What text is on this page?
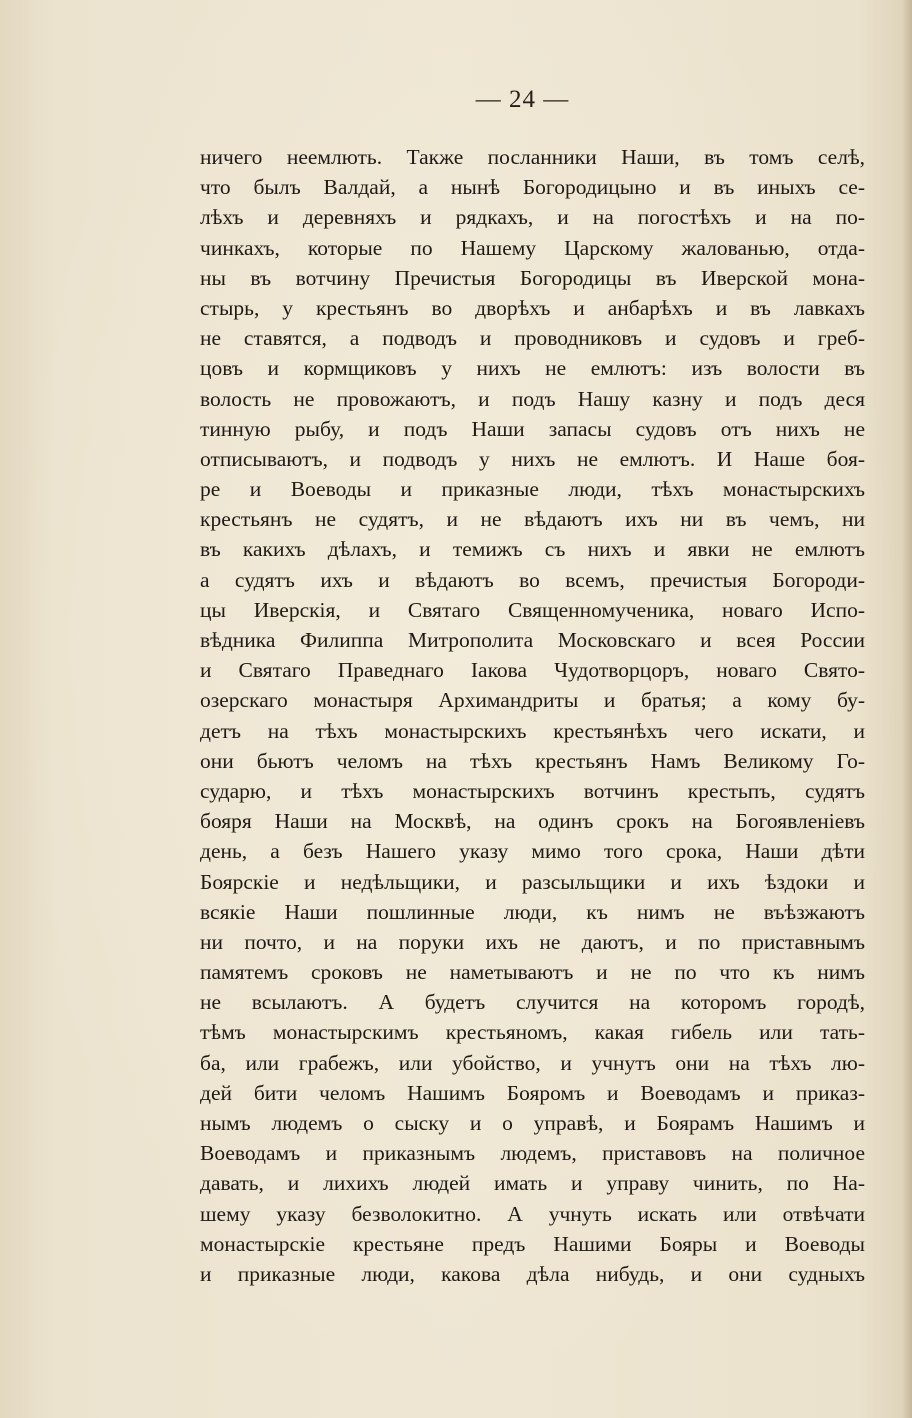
— 24 —
ничего неемлють. Также посланники Наши, въ томъ селѣ,
что былъ Валдай, а нынѣ Богородицыно и въ иныхъ се-
лѣхъ и деревняхъ и рядкахъ, и на погостѣхъ и на по-
чинкахъ, которые по Нашему Царскому жалованью, отда-
ны въ вотчину Пречистыя Богородицы въ Иверской мона-
стырь, у крестьянъ во дворѣхъ и анбарѣхъ и въ лавкахъ
не ставятся, а подводъ и проводниковъ и судовъ и греб-
цовъ и кормщиковъ у нихъ не емлютъ: изъ волости въ
волость не провожаютъ, и подъ Нашу казну и подъ деся
тинную рыбу, и подъ Наши запасы судовъ отъ нихъ не
отписываютъ, и подводъ у нихъ не емлютъ. И Наше боя-
ре и Воеводы и приказные люди, тѣхъ монастырскихъ
крестьянъ не судятъ, и не вѣдаютъ ихъ ни въ чемъ, ни
въ какихъ дѣлахъ, и темижъ съ нихъ и явки не емлютъ
а судятъ ихъ и вѣдаютъ во всемъ, пречистыя Богороди-
цы Иверскія, и Святаго Священномученика, новаго Испо-
вѣдника Филиппа Митрополита Московскаго и всея России
и Святаго Праведнаго Іакова Чудотворцоръ, новаго Свято-
озерскаго монастыря Архимандриты и братья; а кому бу-
детъ на тѣхъ монастырскихъ крестьянѣхъ чего искати, и
они бьютъ челомъ на тѣхъ крестьянъ Намъ Великому Го-
сударю, и тѣхъ монастырскихъ вотчинъ крестьпъ, судятъ
бояря Наши на Москвѣ, на одинъ срокъ на Богоявленіевъ
день, а безъ Нашего указу мимо того срока, Наши дѣти
Боярскіе и недѣльщики, и разсыльщики и ихъ ѣздоки и
всякіе Наши пошлинные люди, къ нимъ не въѣзжаютъ
ни почто, и на поруки ихъ не даютъ, и по приставнымъ
памятемъ сроковъ не наметываютъ и не по что къ нимъ
не всылаютъ. А будетъ случится на которомъ городѣ,
тѣмъ монастырскимъ крестьяномъ, какая гибель или тать-
ба, или грабежъ, или убойство, и учнутъ они на тѣхъ лю-
дей бити челомъ Нашимъ Бояромъ и Воеводамъ и приказ-
нымъ людемъ о сыску и о управѣ, и Боярамъ Нашимъ и
Воеводамъ и приказнымъ людемъ, приставовъ на поличное
давать, и лихихъ людей имать и управу чинить, по На-
шему указу безволокитно. А учнуть искать или отвѣчати
монастырскіе крестьяне предъ Нашими Бояры и Воеводы
и приказные люди, какова дѣла нибудь, и они судныхъ
